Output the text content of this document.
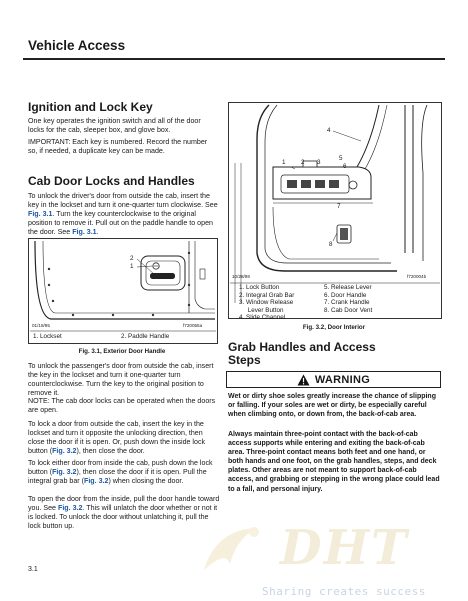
Vehicle Access
Ignition and Lock Key
One key operates the ignition switch and all of the door locks for the cab, sleeper box, and glove box.
IMPORTANT: Each key is numbered. Record the number so, if needed, a duplicate key can be made.
Cab Door Locks and Handles
To unlock the driver's door from outside the cab, insert the key in the lockset and turn it one-quarter turn clockwise. See Fig. 3.1. Turn the key counterclockwise to the original position to remove it. Pull out on the paddle handle to open the door. See Fig. 3.1.
1
2
01/18/95	f720055a
1. Lockset	2. Paddle Handle
Fig. 3.1, Exterior Door Handle
To unlock the passenger's door from outside the cab, insert the key in the lockset and turn it one-quarter turn counterclockwise. Turn the key to the original position to remove it.
NOTE: The cab door locks can be operated when the doors are open.
To lock a door from outside the cab, insert the key in the lockset and turn it opposite the unlocking direction, then close the door if it is open. Or, push down the inside lock button (Fig. 3.2), then close the door.
To lock either door from inside the cab, push down the lock button (Fig. 3.2), then close the door if it is open. Pull the integral grab bar (Fig. 3.2) when closing the door.
To open the door from the inside, pull the door handle toward you. See Fig. 3.2. This will unlatch the door whether or not it is locked. To unlock the door without unlatching it, pull the lock button up.
1 2 3
4
5
6
7
8
10/28/98	f720004b
1. Lock Button
2. Integral Grab Bar
3. Window Release
Lever Button
4. Slide Channel
5. Release Lever
6. Door Handle
7. Crank Handle
8. Cab Door Vent
Fig. 3.2, Door Interior
Grab Handles and Access
Steps
WARNING
Wet or dirty shoe soles greatly increase the chance of slipping or falling. If your soles are wet or dirty, be especially careful when climbing onto, or down from, the back-of-cab area.
Always maintain three-point contact with the back-of-cab access supports while entering and exiting the back-of-cab area. Three-point contact means both feet and one hand, or both hands and one foot, on the grab handles, steps, and deck plates. Other areas are not meant to support back-of-cab access, and grabbing or stepping in the wrong place could lead to a fall, and personal injury.
DHT
Sharing creates success
3.1
